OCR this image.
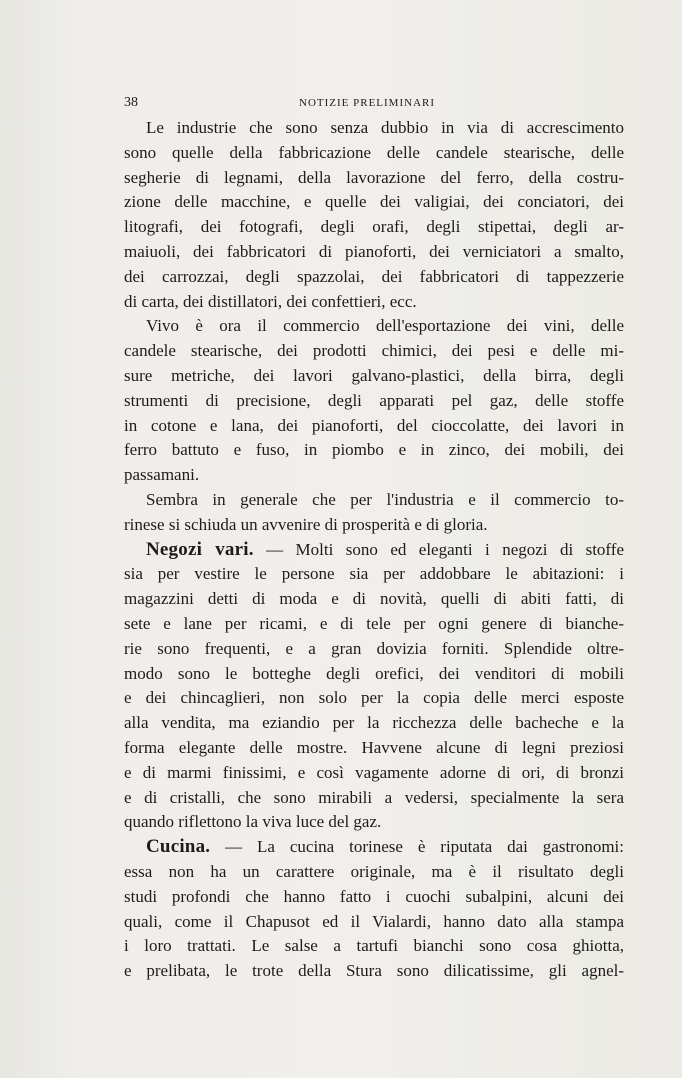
38	NOTIZIE PRELIMINARI
Le industrie che sono senza dubbio in via di accrescimento
sono quelle della fabbricazione delle candele stearische, delle
segherie di legnami, della lavorazione del ferro, della costru-
zione delle macchine, e quelle dei valigiai, dei conciatori, dei
litografi, dei fotografi, degli orafi, degli stipettai, degli ar-
maiuoli, dei fabbricatori di pianoforti, dei verniciatori a smalto,
dei carrozzai, degli spazzolai, dei fabbricatori di tappezzerie
di carta, dei distillatori, dei confettieri, ecc.
Vivo è ora il commercio dell'esportazione dei vini, delle
candele stearische, dei prodotti chimici, dei pesi e delle mi-
sure metriche, dei lavori galvano-plastici, della birra, degli
strumenti di precisione, degli apparati pel gaz, delle stoffe
in cotone e lana, dei pianoforti, del cioccolatte, dei lavori in
ferro battuto e fuso, in piombo e in zinco, dei mobili, dei
passamani.
Sembra in generale che per l'industria e il commercio to-
rinese si schiuda un avvenire di prosperità e di gloria.
Negozi vari. — Molti sono ed eleganti i negozi di stoffe
sia per vestire le persone sia per addobbare le abitazioni: i
magazzini detti di moda e di novità, quelli di abiti fatti, di
sete e lane per ricami, e di tele per ogni genere di bianche-
rie sono frequenti, e a gran dovizia forniti. Splendide oltre-
modo sono le botteghe degli orefici, dei venditori di mobili
e dei chincaglieri, non solo per la copia delle merci esposte
alla vendita, ma eziandio per la ricchezza delle bacheche e la
forma elegante delle mostre. Havvene alcune di legni preziosi
e di marmi finissimi, e così vagamente adorne di ori, di bronzi
e di cristalli, che sono mirabili a vedersi, specialmente la sera
quando riflettono la viva luce del gaz.
Cucina. — La cucina torinese è riputata dai gastronomi:
essa non ha un carattere originale, ma è il risultato degli
studi profondi che hanno fatto i cuochi subalpini, alcuni dei
quali, come il Chapusot ed il Vialardi, hanno dato alla stampa
i loro trattati. Le salse a tartufi bianchi sono cosa ghiotta,
e prelibata, le trote della Stura sono dilicatissime, gli agnel-
